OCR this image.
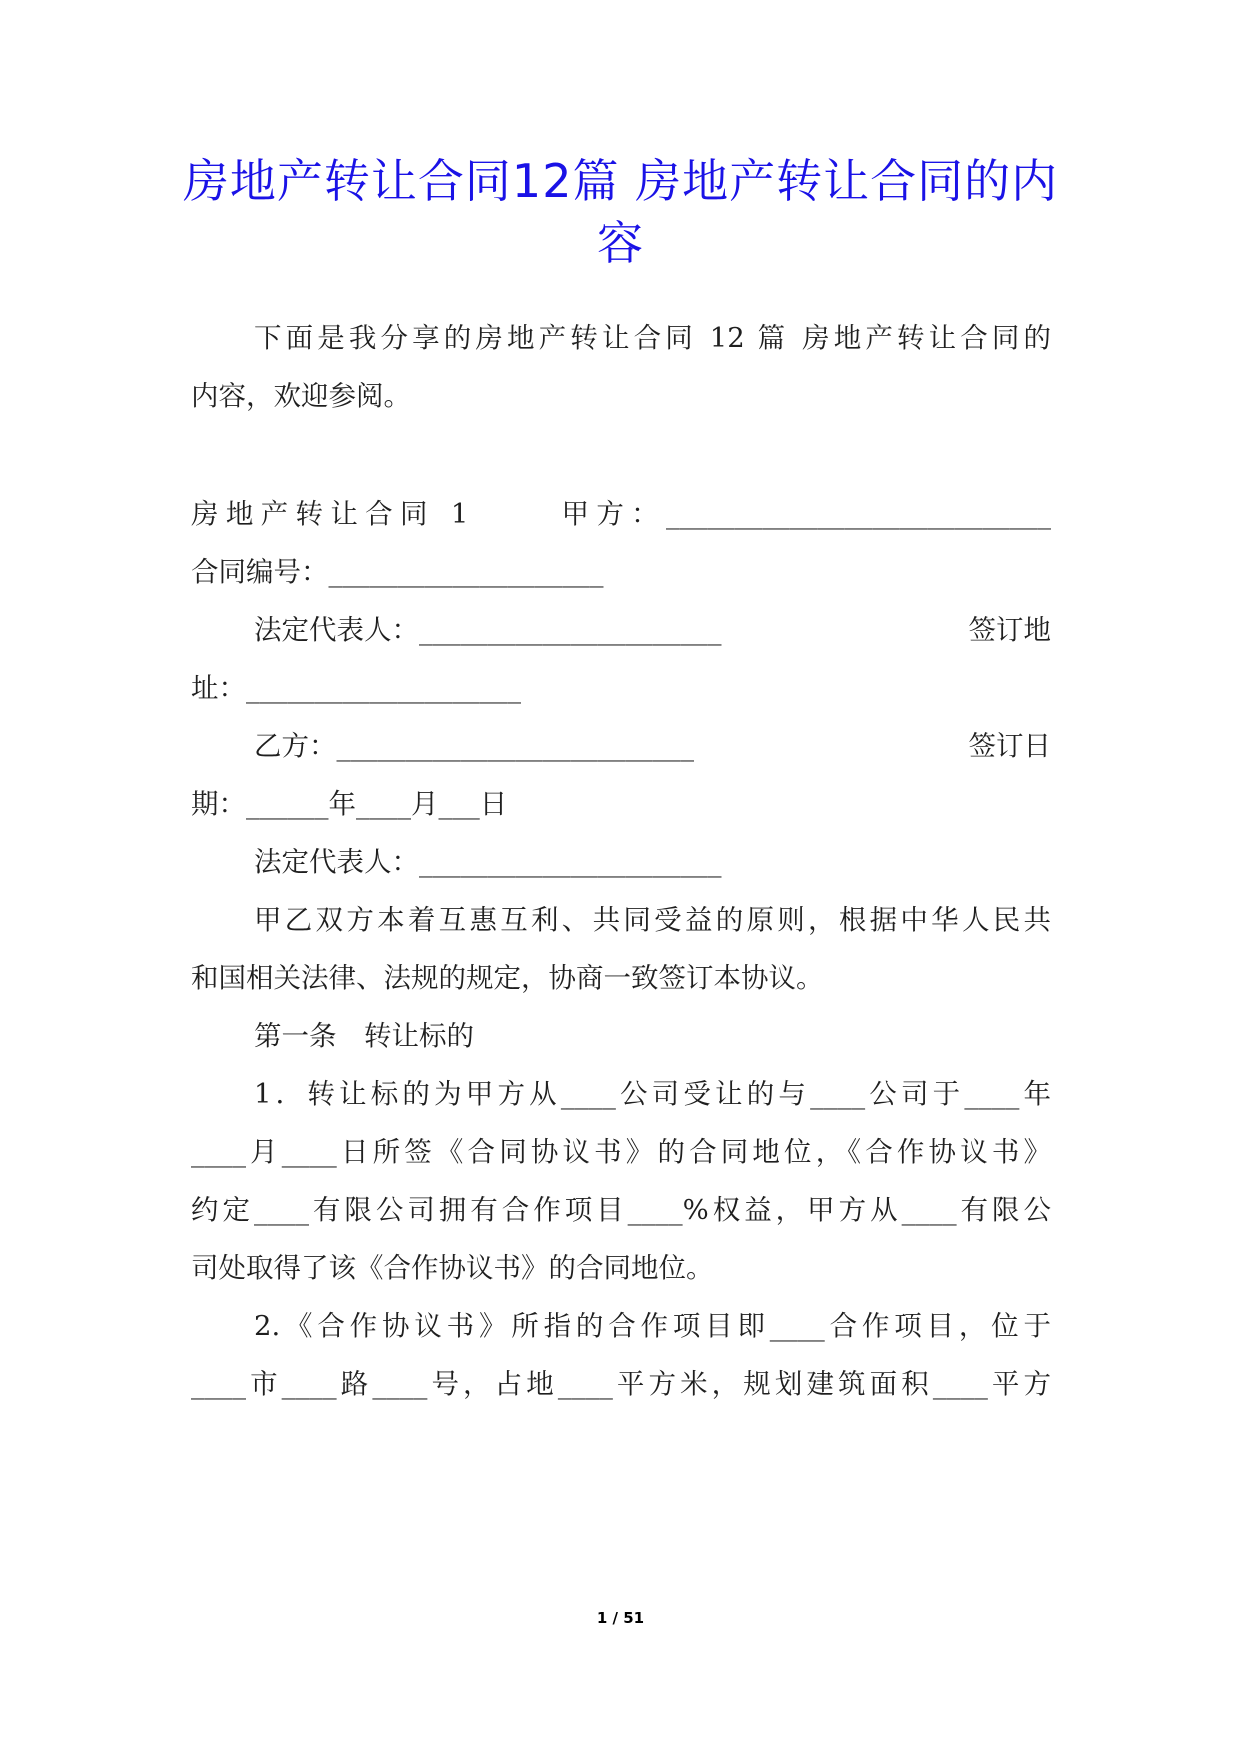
房地产转让合同12篇 房地产转让合同的内
容
下面是我分享的房地产转让合同 12 篇 房地产转让合同的
内容，欢迎参阅。
房地产转让合同 1　　 甲方：____________________________
合同编号：____________________
法定代表人：______________________	签订地
址：____________________
乙方：__________________________	签订日
期：______年____月___日
法定代表人：______________________
甲乙双方本着互惠互利、共同受益的原则，根据中华人民共
和国相关法律、法规的规定，协商一致签订本协议。
第一条　转让标的
1．转让标的为甲方从____公司受让的与____公司于____年
____月____日所签《合同协议书》的合同地位，《合作协议书》
约定____有限公司拥有合作项目____%权益，甲方从____有限公
司处取得了该《合作协议书》的合同地位。
2.《合作协议书》所指的合作项目即____合作项目，位于
____市____路____号，占地____平方米，规划建筑面积____平方
1 / 51
